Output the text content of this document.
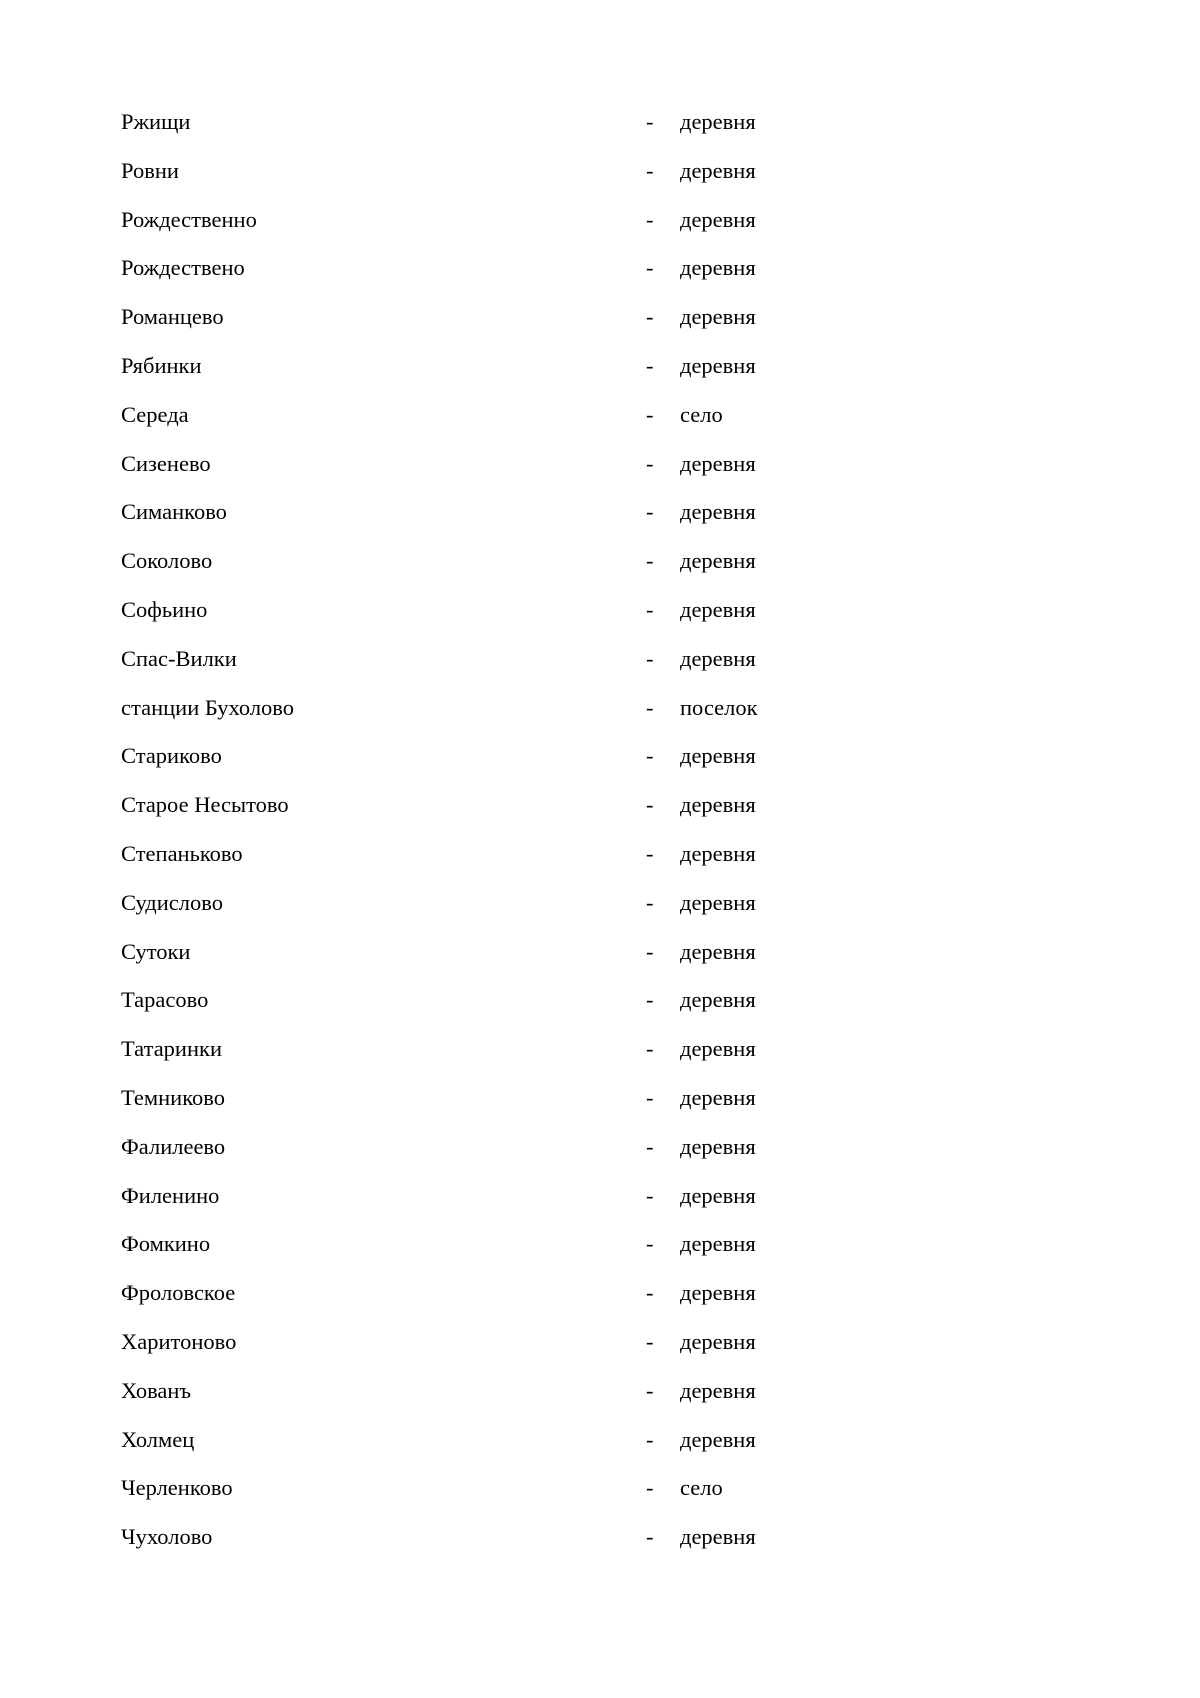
Ржищи	- деревня
Ровни	- деревня
Рождественно	- деревня
Рождествено	- деревня
Романцево	- деревня
Рябинки	- деревня
Середа	- село
Сизенево	- деревня
Симанково	- деревня
Соколово	- деревня
Софьино	- деревня
Спас-Вилки	- деревня
станции Бухолово	- поселок
Стариково	- деревня
Старое Несытово	- деревня
Степаньково	- деревня
Судислово	- деревня
Сутоки	- деревня
Тарасово	- деревня
Татаринки	- деревня
Темниково	- деревня
Фалилеево	- деревня
Филенино	- деревня
Фомкино	- деревня
Фроловское	- деревня
Харитоново	- деревня
Хованъ	- деревня
Холмец	- деревня
Черленково	- село
Чухолово	- деревня
